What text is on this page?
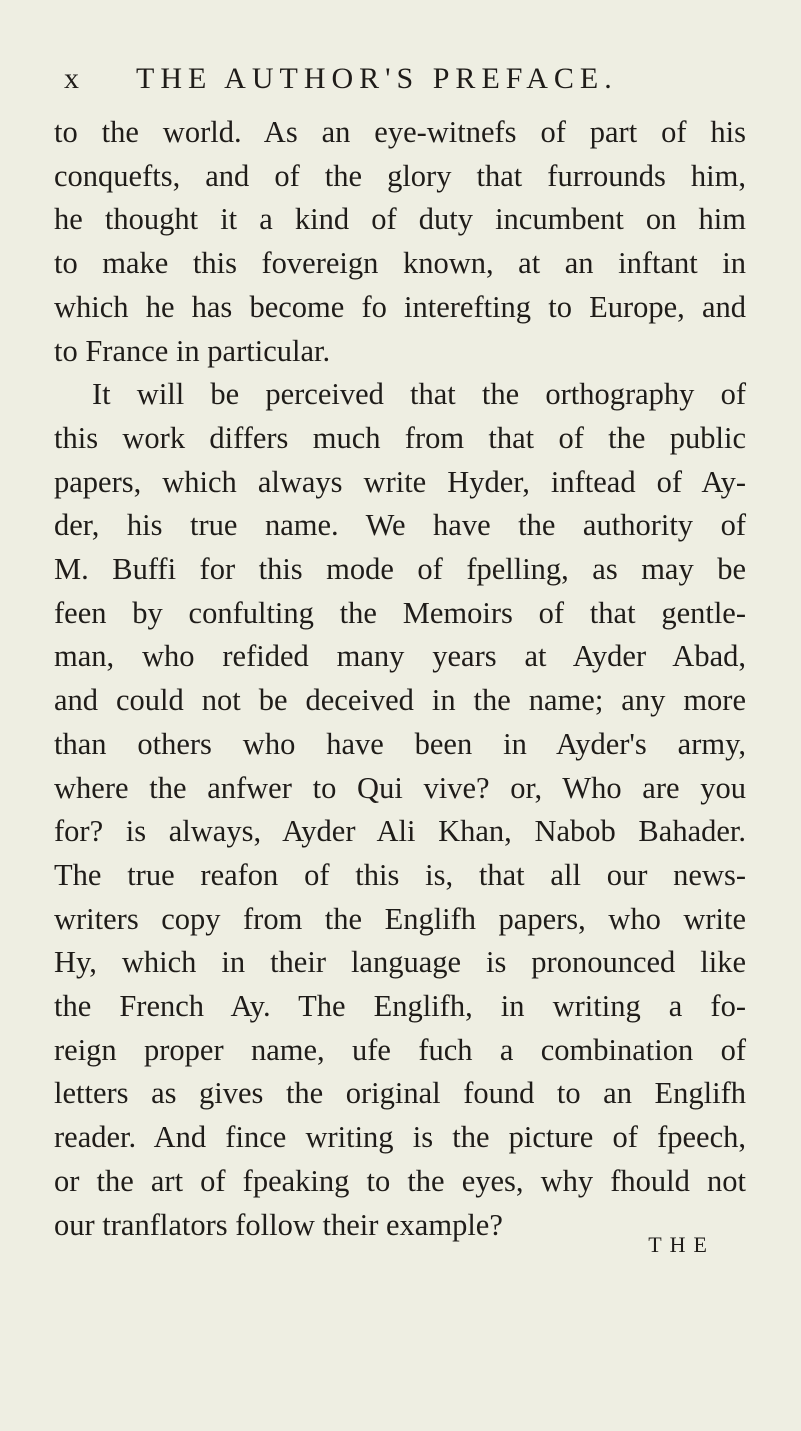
x THE AUTHOR'S PREFACE.
to the world. As an eye-witnefs of part of his
conquefts, and of the glory that furrounds him,
he thought it a kind of duty incumbent on him
to make this fovereign known, at an inftant in
which he has become fo interefting to Europe, and
to France in particular.
It will be perceived that the orthography of
this work differs much from that of the public
papers, which always write Hyder, inftead of Ay-
der, his true name. We have the authority of
M. Buffi for this mode of fpelling, as may be
feen by confulting the Memoirs of that gentle-
man, who refided many years at Ayder Abad,
and could not be deceived in the name; any more
than others who have been in Ayder's army,
where the anfwer to Qui vive? or, Who are you
for? is always, Ayder Ali Khan, Nabob Bahader.
The true reafon of this is, that all our news-
writers copy from the Englifh papers, who write
Hy, which in their language is pronounced like
the French Ay. The Englifh, in writing a fo-
reign proper name, ufe fuch a combination of
letters as gives the original found to an Englifh
reader. And fince writing is the picture of fpeech,
or the art of fpeaking to the eyes, why fhould not
our tranflators follow their example?
THE
